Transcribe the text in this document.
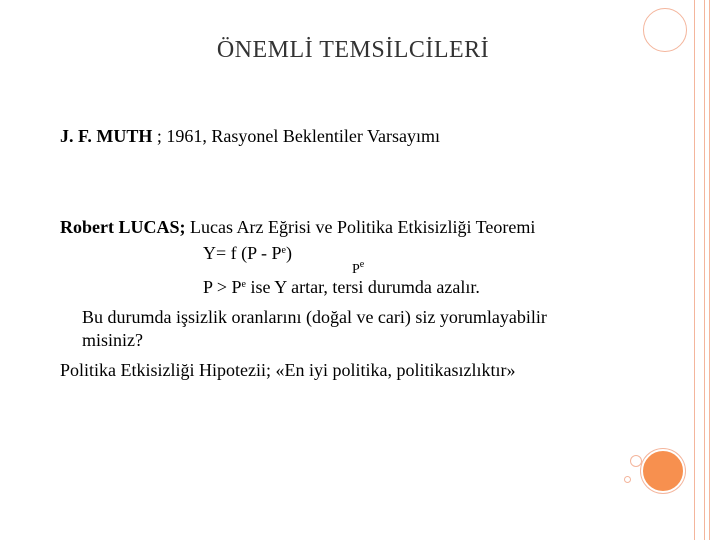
ÖNEMLİ TEMSİLCİLERİ
J. F. MUTH ; 1961, Rasyonel Beklentiler Varsayımı
Robert LUCAS; Lucas Arz Eğrisi ve Politika Etkisizliği Teoremi
Y= f $(P - P^e)$
$P^e$
$P > P^e$ ise Y artar, tersi durumda azalır.
Bu durumda işsizlik oranlarını (doğal ve cari) siz yorumlayabilir
misiniz?
Politika Etkisizliği Hipotezii; «En iyi politika, politikasızlıktır»
